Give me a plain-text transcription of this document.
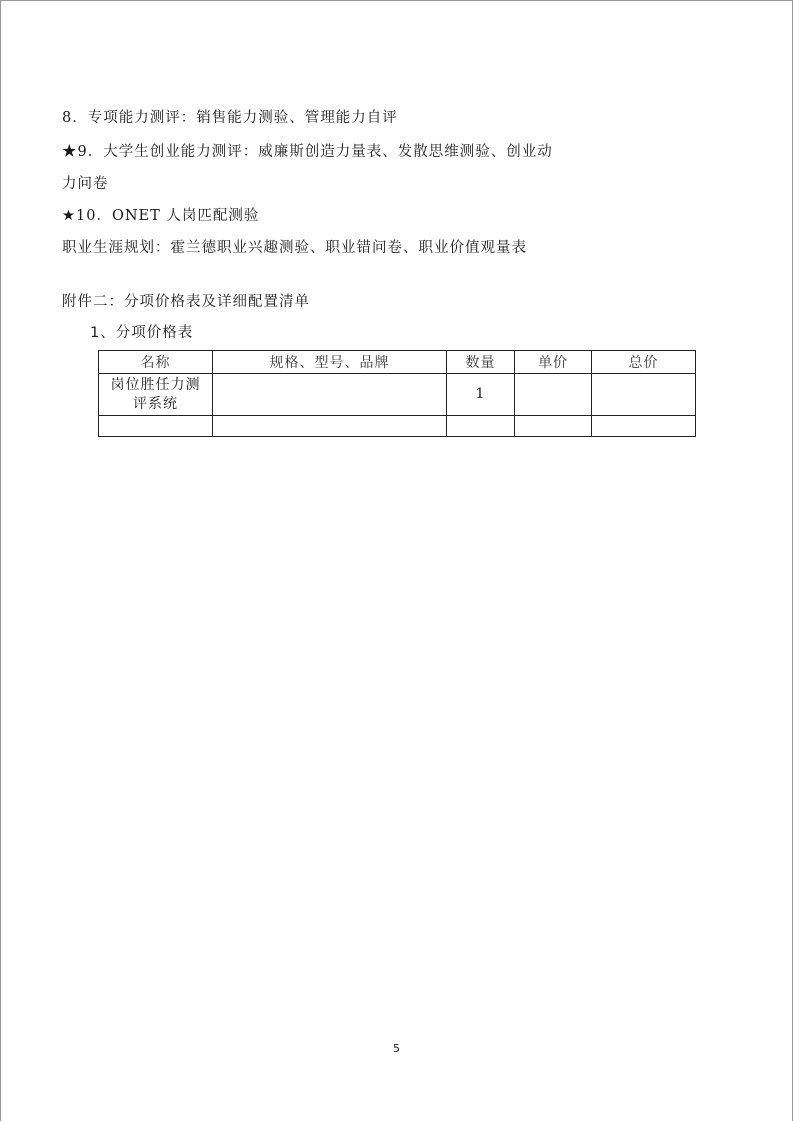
8．专项能力测评：销售能力测验、管理能力自评
★9．大学生创业能力测评：威廉斯创造力量表、发散思维测验、创业动
力问卷
★10．ONET 人岗匹配测验
职业生涯规划：霍兰德职业兴趣测验、职业错问卷、职业价值观量表
附件二：分项价格表及详细配置清单
1、分项价格表
名称	规格、型号、品牌	数量	单价	总价
岗位胜任力测评系统		1		

5
